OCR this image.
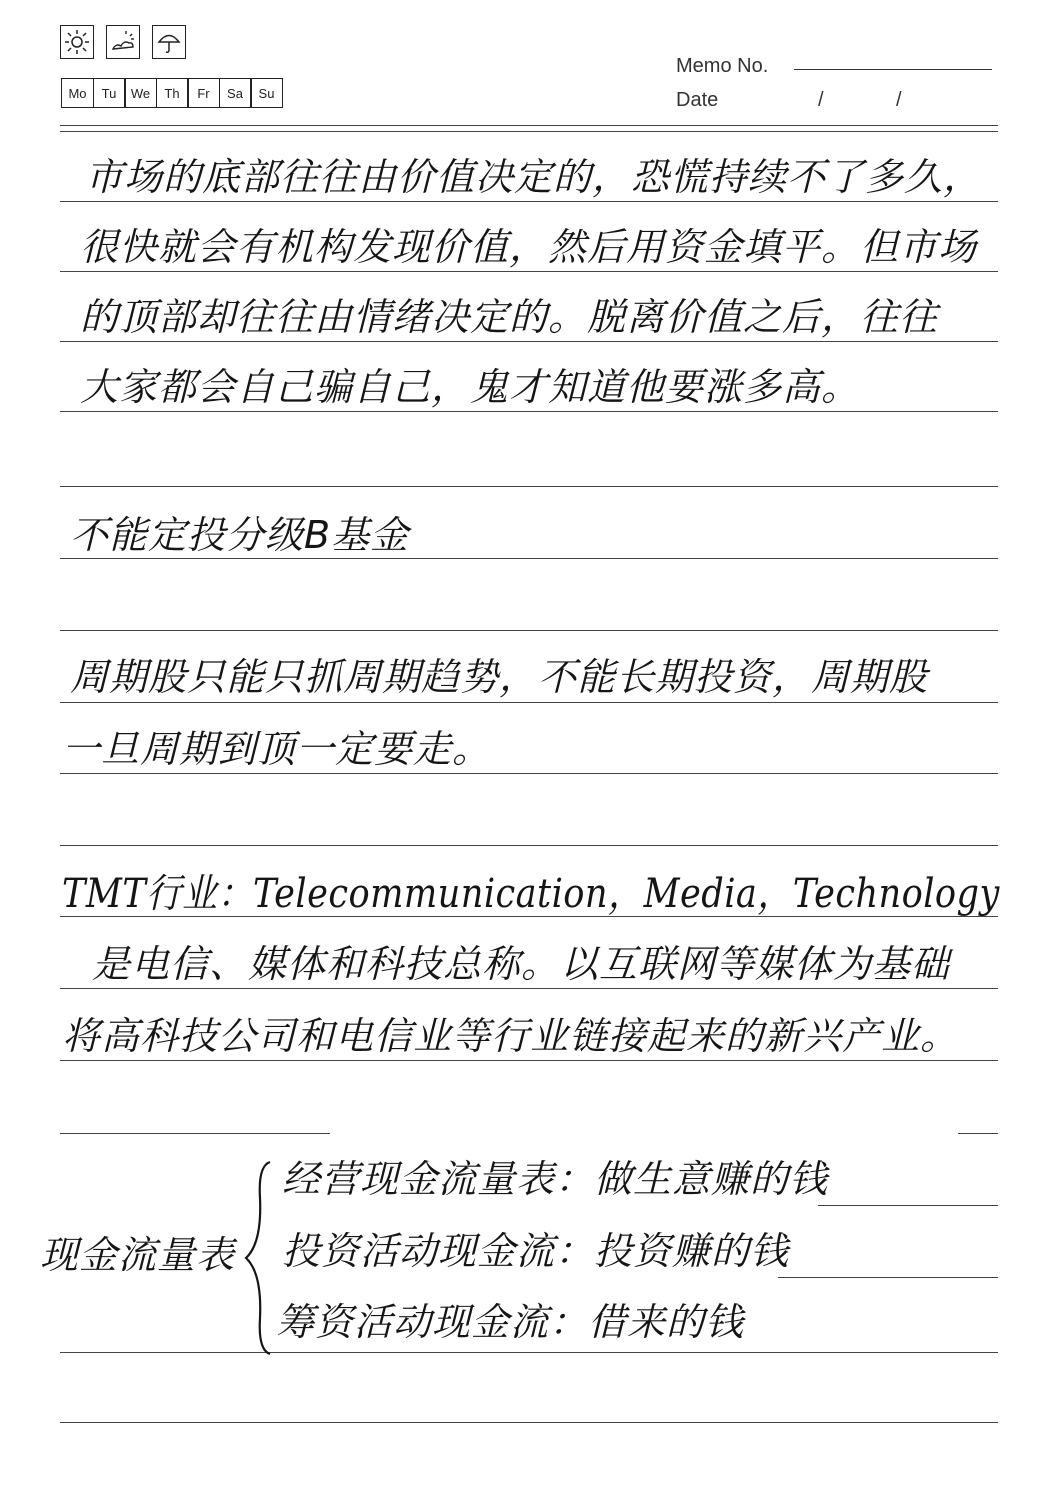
Mo	Tu	We	Th	Fr	Sa	Su
Memo No.
Date	/	/
市场的底部往往由价值决定的，恐慌持续不了多久，
很快就会有机构发现价值，然后用资金填平。但市场
的顶部却往往由情绪决定的。脱离价值之后，往往
大家都会自己骗自己，鬼才知道他要涨多高。
不能定投分级B基金
周期股只能只抓周期趋势，不能长期投资，周期股
一旦周期到顶一定要走。
TMT行业：Telecommunication，Media，Technology
是电信、媒体和科技总称。以互联网等媒体为基础
将高科技公司和电信业等行业链接起来的新兴产业。
现金流量表
经营现金流量表：做生意赚的钱
投资活动现金流：投资赚的钱
筹资活动现金流：借来的钱
